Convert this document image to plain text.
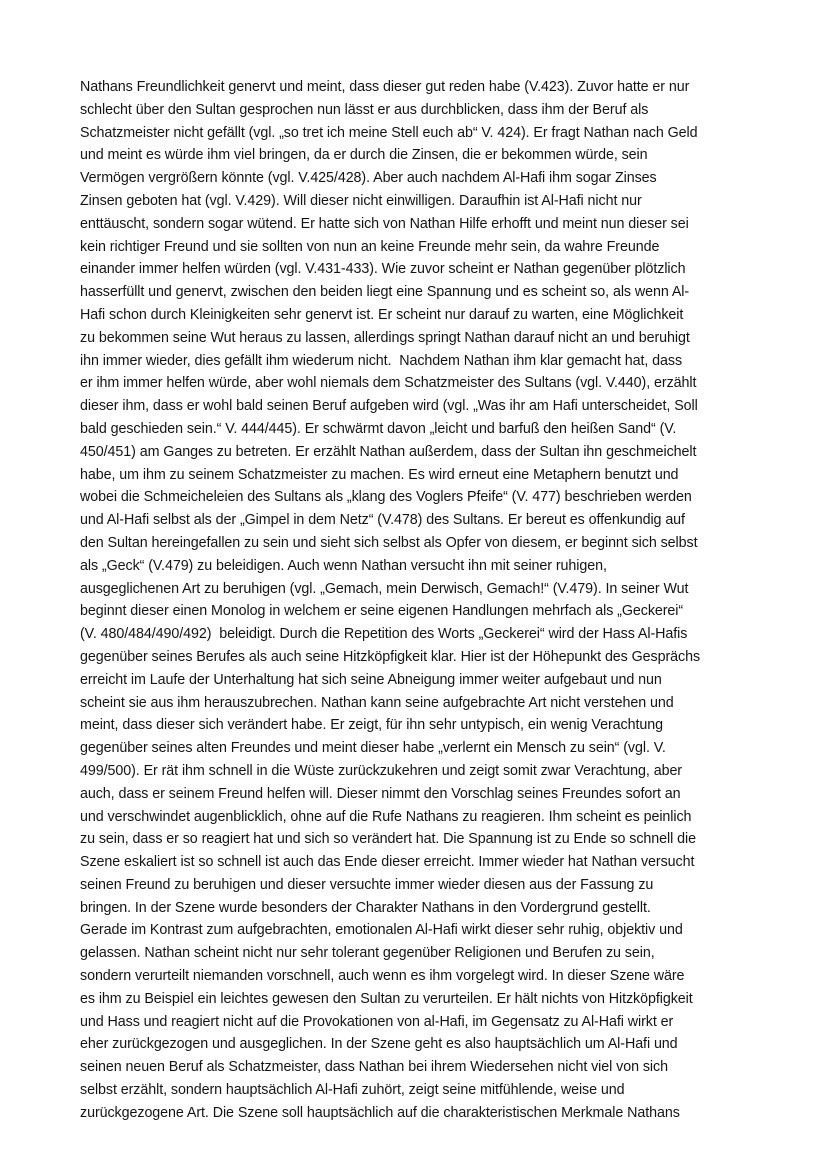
Nathans Freundlichkeit genervt und meint, dass dieser gut reden habe (V.423). Zuvor hatte er nur
schlecht über den Sultan gesprochen nun lässt er aus durchblicken, dass ihm der Beruf als
Schatzmeister nicht gefällt (vgl. „so tret ich meine Stell euch ab“ V. 424). Er fragt Nathan nach Geld
und meint es würde ihm viel bringen, da er durch die Zinsen, die er bekommen würde, sein
Vermögen vergrößern könnte (vgl. V.425/428). Aber auch nachdem Al-Hafi ihm sogar Zinses
Zinsen geboten hat (vgl. V.429). Will dieser nicht einwilligen. Daraufhin ist Al-Hafi nicht nur
enttäuscht, sondern sogar wütend. Er hatte sich von Nathan Hilfe erhofft und meint nun dieser sei
kein richtiger Freund und sie sollten von nun an keine Freunde mehr sein, da wahre Freunde
einander immer helfen würden (vgl. V.431-433). Wie zuvor scheint er Nathan gegenüber plötzlich
hasserfüllt und genervt, zwischen den beiden liegt eine Spannung und es scheint so, als wenn Al-
Hafi schon durch Kleinigkeiten sehr genervt ist. Er scheint nur darauf zu warten, eine Möglichkeit
zu bekommen seine Wut heraus zu lassen, allerdings springt Nathan darauf nicht an und beruhigt
ihn immer wieder, dies gefällt ihm wiederum nicht.  Nachdem Nathan ihm klar gemacht hat, dass
er ihm immer helfen würde, aber wohl niemals dem Schatzmeister des Sultans (vgl. V.440), erzählt
dieser ihm, dass er wohl bald seinen Beruf aufgeben wird (vgl. „Was ihr am Hafi unterscheidet, Soll
bald geschieden sein.“ V. 444/445). Er schwärmt davon „leicht und barfuß den heißen Sand“ (V.
450/451) am Ganges zu betreten. Er erzählt Nathan außerdem, dass der Sultan ihn geschmeichelt
habe, um ihm zu seinem Schatzmeister zu machen. Es wird erneut eine Metaphern benutzt und
wobei die Schmeicheleien des Sultans als „klang des Voglers Pfeife“ (V. 477) beschrieben werden
und Al-Hafi selbst als der „Gimpel in dem Netz“ (V.478) des Sultans. Er bereut es offenkundig auf
den Sultan hereingefallen zu sein und sieht sich selbst als Opfer von diesem, er beginnt sich selbst
als „Geck“ (V.479) zu beleidigen. Auch wenn Nathan versucht ihn mit seiner ruhigen,
ausgeglichenen Art zu beruhigen (vgl. „Gemach, mein Derwisch, Gemach!“ (V.479). In seiner Wut
beginnt dieser einen Monolog in welchem er seine eigenen Handlungen mehrfach als „Geckerei“
(V. 480/484/490/492)  beleidigt. Durch die Repetition des Worts „Geckerei“ wird der Hass Al-Hafis
gegenüber seines Berufes als auch seine Hitzköpfigkeit klar. Hier ist der Höhepunkt des Gesprächs
erreicht im Laufe der Unterhaltung hat sich seine Abneigung immer weiter aufgebaut und nun
scheint sie aus ihm herauszubrechen. Nathan kann seine aufgebrachte Art nicht verstehen und
meint, dass dieser sich verändert habe. Er zeigt, für ihn sehr untypisch, ein wenig Verachtung
gegenüber seines alten Freundes und meint dieser habe „verlernt ein Mensch zu sein“ (vgl. V.
499/500). Er rät ihm schnell in die Wüste zurückzukehren und zeigt somit zwar Verachtung, aber
auch, dass er seinem Freund helfen will. Dieser nimmt den Vorschlag seines Freundes sofort an
und verschwindet augenblicklich, ohne auf die Rufe Nathans zu reagieren. Ihm scheint es peinlich
zu sein, dass er so reagiert hat und sich so verändert hat. Die Spannung ist zu Ende so schnell die
Szene eskaliert ist so schnell ist auch das Ende dieser erreicht. Immer wieder hat Nathan versucht
seinen Freund zu beruhigen und dieser versuchte immer wieder diesen aus der Fassung zu
bringen. In der Szene wurde besonders der Charakter Nathans in den Vordergrund gestellt.
Gerade im Kontrast zum aufgebrachten, emotionalen Al-Hafi wirkt dieser sehr ruhig, objektiv und
gelassen. Nathan scheint nicht nur sehr tolerant gegenüber Religionen und Berufen zu sein,
sondern verurteilt niemanden vorschnell, auch wenn es ihm vorgelegt wird. In dieser Szene wäre
es ihm zu Beispiel ein leichtes gewesen den Sultan zu verurteilen. Er hält nichts von Hitzköpfigkeit
und Hass und reagiert nicht auf die Provokationen von al-Hafi, im Gegensatz zu Al-Hafi wirkt er
eher zurückgezogen und ausgeglichen. In der Szene geht es also hauptsächlich um Al-Hafi und
seinen neuen Beruf als Schatzmeister, dass Nathan bei ihrem Wiedersehen nicht viel von sich
selbst erzählt, sondern hauptsächlich Al-Hafi zuhört, zeigt seine mitfühlende, weise und
zurückgezogene Art. Die Szene soll hauptsächlich auf die charakteristischen Merkmale Nathans
